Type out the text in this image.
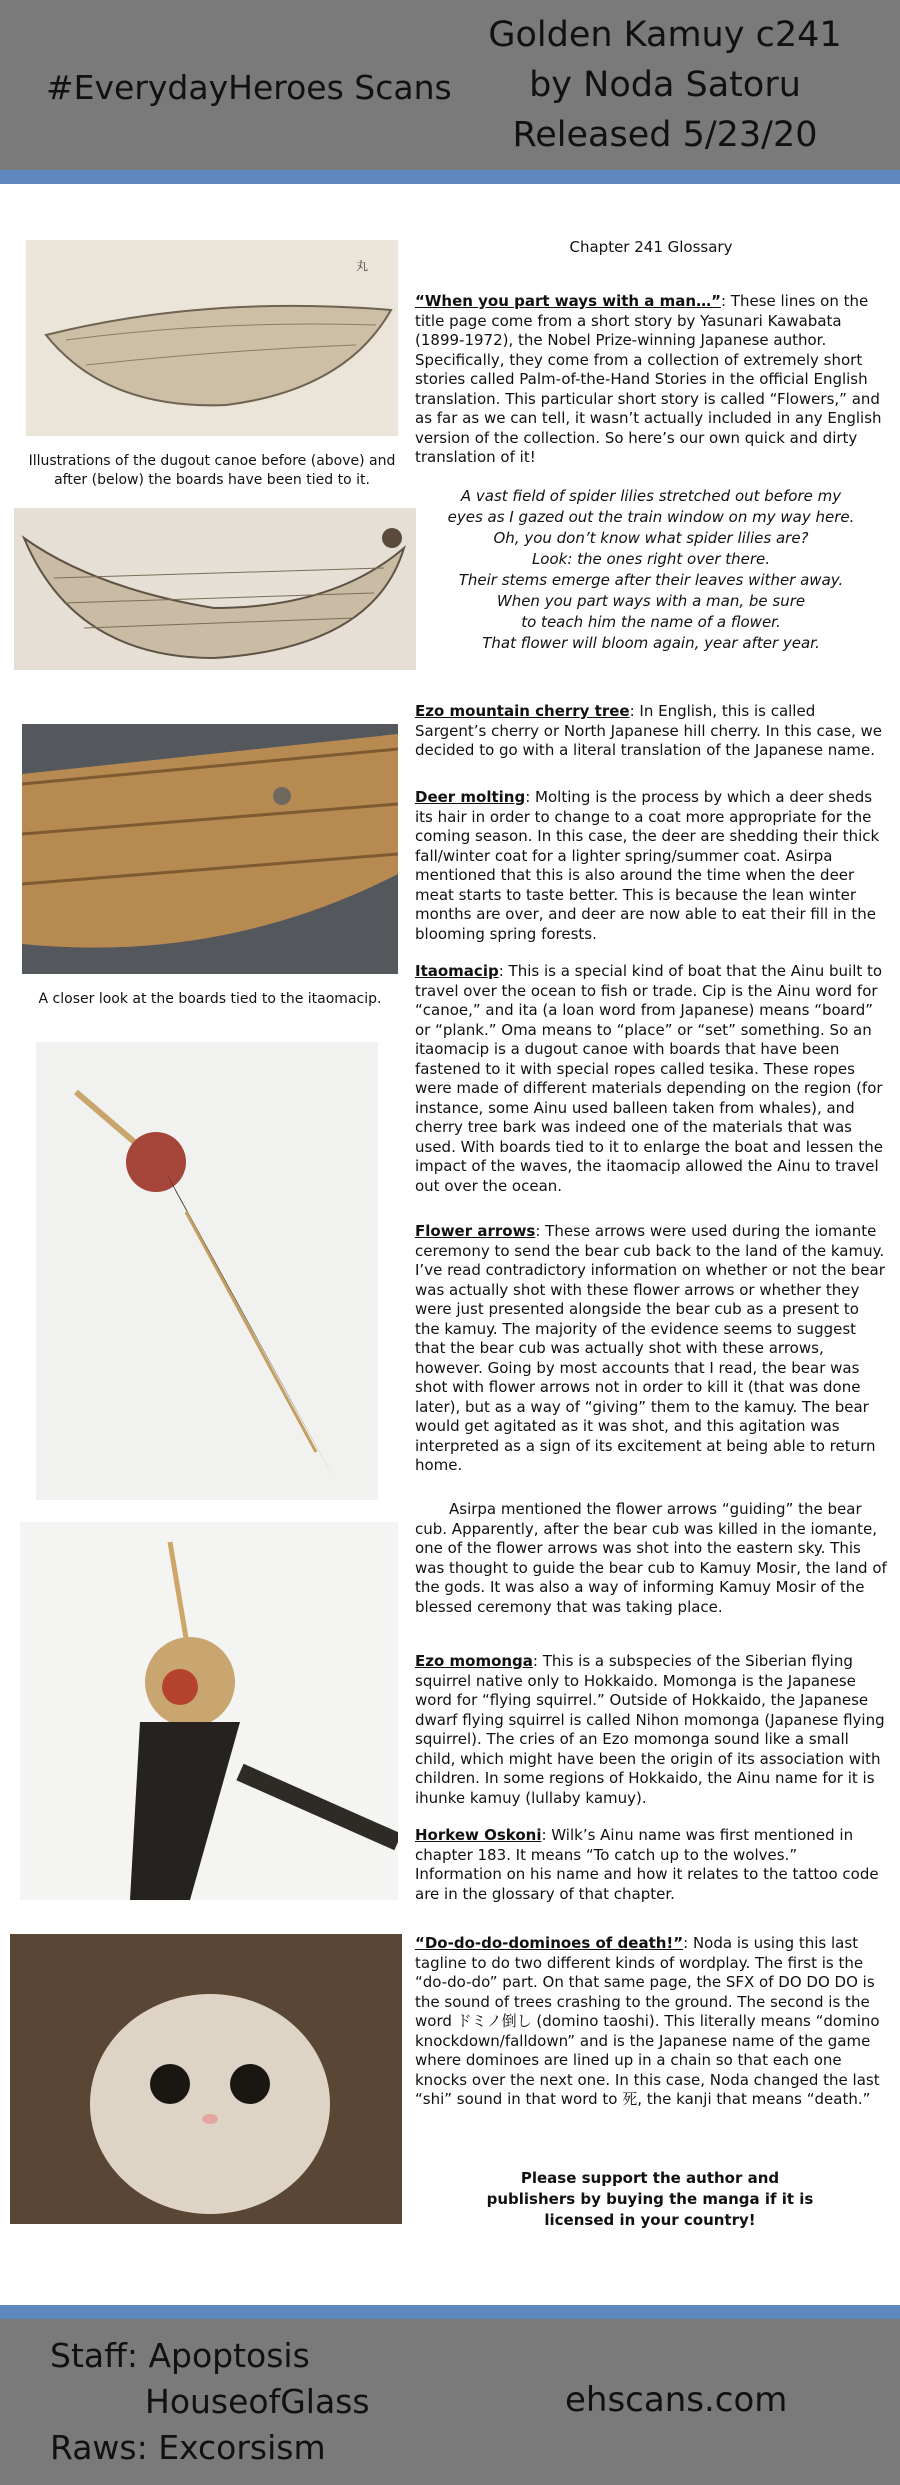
#EverydayHeroes Scans
Golden Kamuy c241
by Noda Satoru
Released 5/23/20
丸
Illustrations of the dugout canoe before (above) and after (below) the boards have been tied to it.
A closer look at the boards tied to the itaomacip.
Chapter 241 Glossary
“When you part ways with a man…”: These lines on the title page come from a short story by Yasunari Kawabata (1899-1972), the Nobel Prize-winning Japanese author. Specifically, they come from a collection of extremely short stories called Palm-of-the-Hand Stories in the official English translation. This particular short story is called “Flowers,” and as far as we can tell, it wasn’t actually included in any English version of the collection. So here’s our own quick and dirty translation of it!
A vast field of spider lilies stretched out before my
eyes as I gazed out the train window on my way here.
Oh, you don’t know what spider lilies are?
Look: the ones right over there.
Their stems emerge after their leaves wither away.
When you part ways with a man, be sure
to teach him the name of a flower.
That flower will bloom again, year after year.
Ezo mountain cherry tree: In English, this is called Sargent’s cherry or North Japanese hill cherry. In this case, we decided to go with a literal translation of the Japanese name.
Deer molting: Molting is the process by which a deer sheds its hair in order to change to a coat more appropriate for the coming season. In this case, the deer are shedding their thick fall/winter coat for a lighter spring/summer coat. Asirpa mentioned that this is also around the time when the deer meat starts to taste better. This is because the lean winter months are over, and deer are now able to eat their fill in the blooming spring forests.
Itaomacip: This is a special kind of boat that the Ainu built to travel over the ocean to fish or trade. Cip is the Ainu word for “canoe,” and ita (a loan word from Japanese) means “board” or “plank.” Oma means to “place” or “set” something. So an itaomacip is a dugout canoe with boards that have been fastened to it with special ropes called tesika. These ropes were made of different materials depending on the region (for instance, some Ainu used balleen taken from whales), and cherry tree bark was indeed one of the materials that was used. With boards tied to it to enlarge the boat and lessen the impact of the waves, the itaomacip allowed the Ainu to travel out over the ocean.
Flower arrows: These arrows were used during the iomante ceremony to send the bear cub back to the land of the kamuy. I’ve read contradictory information on whether or not the bear was actually shot with these flower arrows or whether they were just presented alongside the bear cub as a present to the kamuy. The majority of the evidence seems to suggest that the bear cub was actually shot with these arrows, however. Going by most accounts that I read, the bear was shot with flower arrows not in order to kill it (that was done later), but as a way of “giving” them to the kamuy. The bear would get agitated as it was shot, and this agitation was interpreted as a sign of its excitement at being able to return home.
Asirpa mentioned the flower arrows “guiding” the bear cub. Apparently, after the bear cub was killed in the iomante, one of the flower arrows was shot into the eastern sky. This was thought to guide the bear cub to Kamuy Mosir, the land of the gods. It was also a way of informing Kamuy Mosir of the blessed ceremony that was taking place.
Ezo momonga: This is a subspecies of the Siberian flying squirrel native only to Hokkaido. Momonga is the Japanese word for “flying squirrel.” Outside of Hokkaido, the Japanese dwarf flying squirrel is called Nihon momonga (Japanese flying squirrel). The cries of an Ezo momonga sound like a small child, which might have been the origin of its association with children. In some regions of Hokkaido, the Ainu name for it is ihunke kamuy (lullaby kamuy).
Horkew Oskoni: Wilk’s Ainu name was first mentioned in chapter 183. It means “To catch up to the wolves.” Information on his name and how it relates to the tattoo code are in the glossary of that chapter.
“Do-do-do-dominoes of death!”: Noda is using this last tagline to do two different kinds of wordplay. The first is the “do-do-do” part. On that same page, the SFX of DO DO DO is the sound of trees crashing to the ground. The second is the word ドミノ倒し (domino taoshi). This literally means “domino knockdown/falldown” and is the Japanese name of the game where dominoes are lined up in a chain so that each one knocks over the next one. In this case, Noda changed the last “shi” sound in that word to 死, the kanji that means “death.”
Please support the author and publishers by buying the manga if it is licensed in your country!
Staff: Apoptosis
HouseofGlass
Raws: Excorsism
ehscans.com
